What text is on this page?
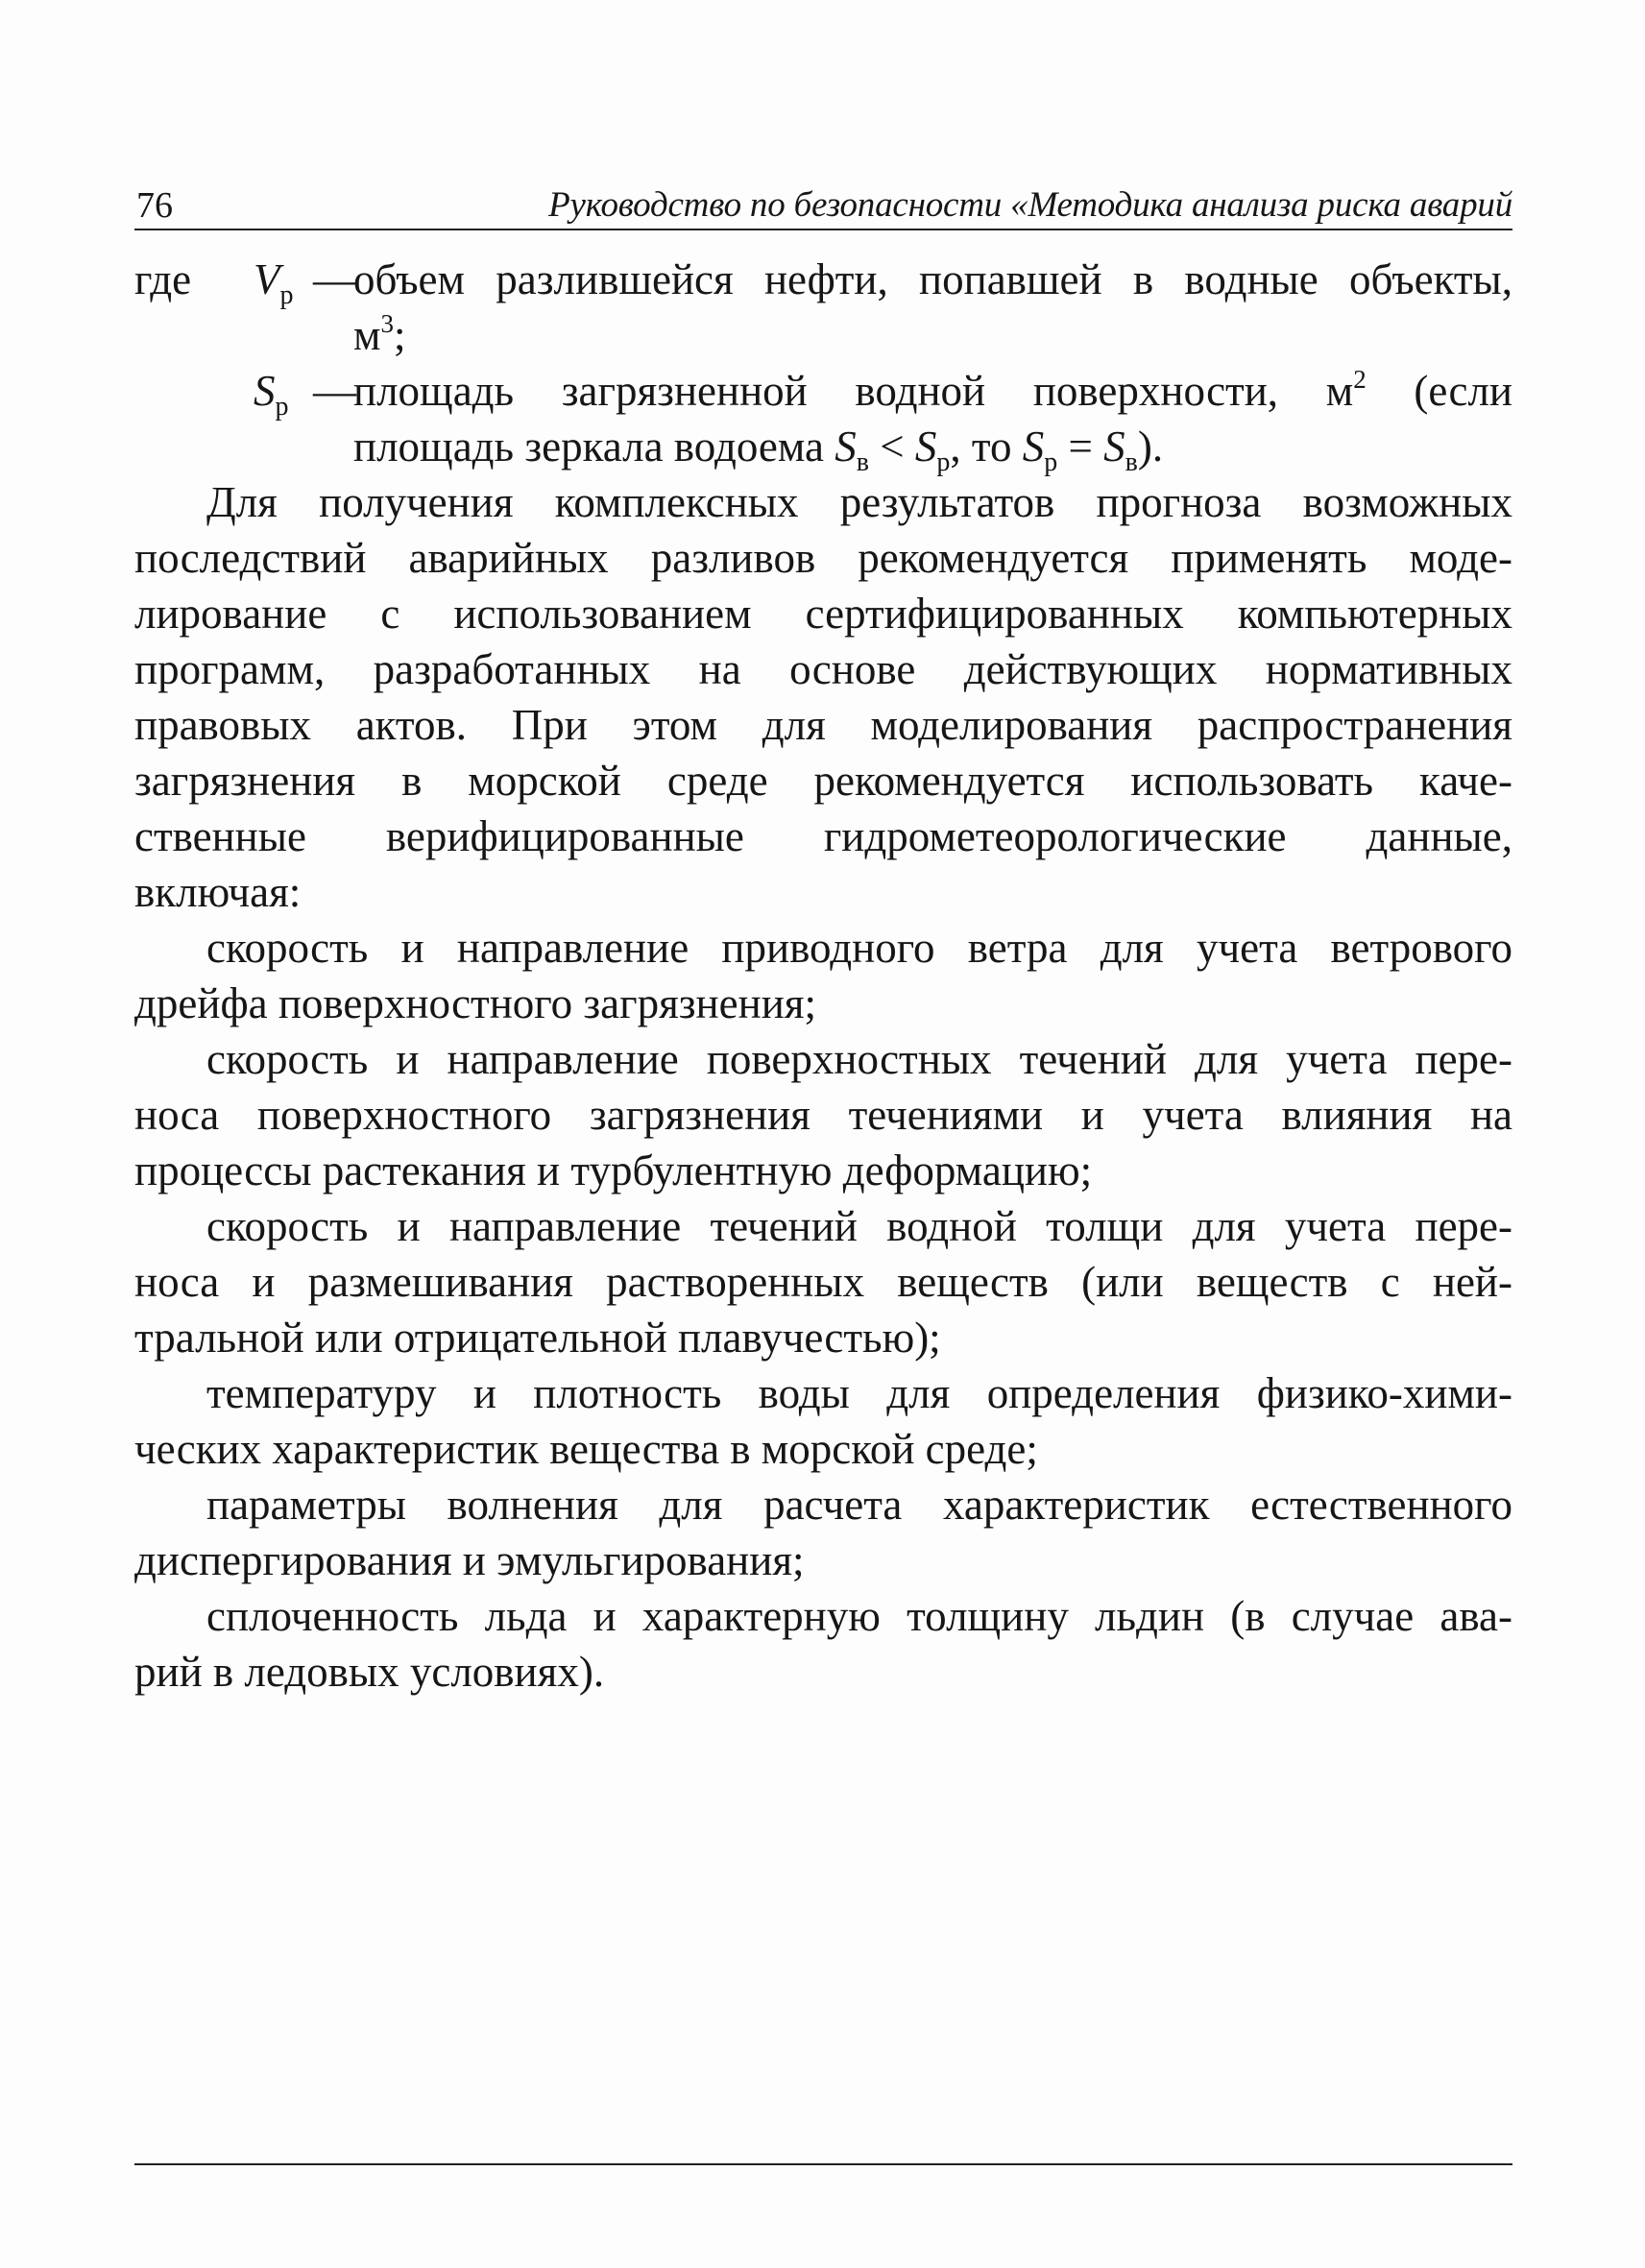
76	Руководство по безопасности «Методика анализа риска аварий
где $V_р$ —
объем разлившейся нефти, попавшей в водные объекты,
$м^3$;
$S_р$ —
площадь загрязненной водной поверхности, $м^2$ (если
площадь зеркала водоема $S_в < S_р$, то $S_р = S_в$).
Для получения комплексных результатов прогноза возможных
последствий аварийных разливов рекомендуется применять моде-
лирование с использованием сертифицированных компьютерных
программ, разработанных на основе действующих нормативных
правовых актов. При этом для моделирования распространения
загрязнения в морской среде рекомендуется использовать каче-
ственные верифицированные гидрометеорологические данные,
включая:
скорость и направление приводного ветра для учета ветрового
дрейфа поверхностного загрязнения;
скорость и направление поверхностных течений для учета пере-
носа поверхностного загрязнения течениями и учета влияния на
процессы растекания и турбулентную деформацию;
скорость и направление течений водной толщи для учета пере-
носа и размешивания растворенных веществ (или веществ с ней-
тральной или отрицательной плавучестью);
температуру и плотность воды для определения физико-хими-
ческих характеристик вещества в морской среде;
параметры волнения для расчета характеристик естественного
диспергирования и эмульгирования;
сплоченность льда и характерную толщину льдин (в случае ава-
рий в ледовых условиях).
